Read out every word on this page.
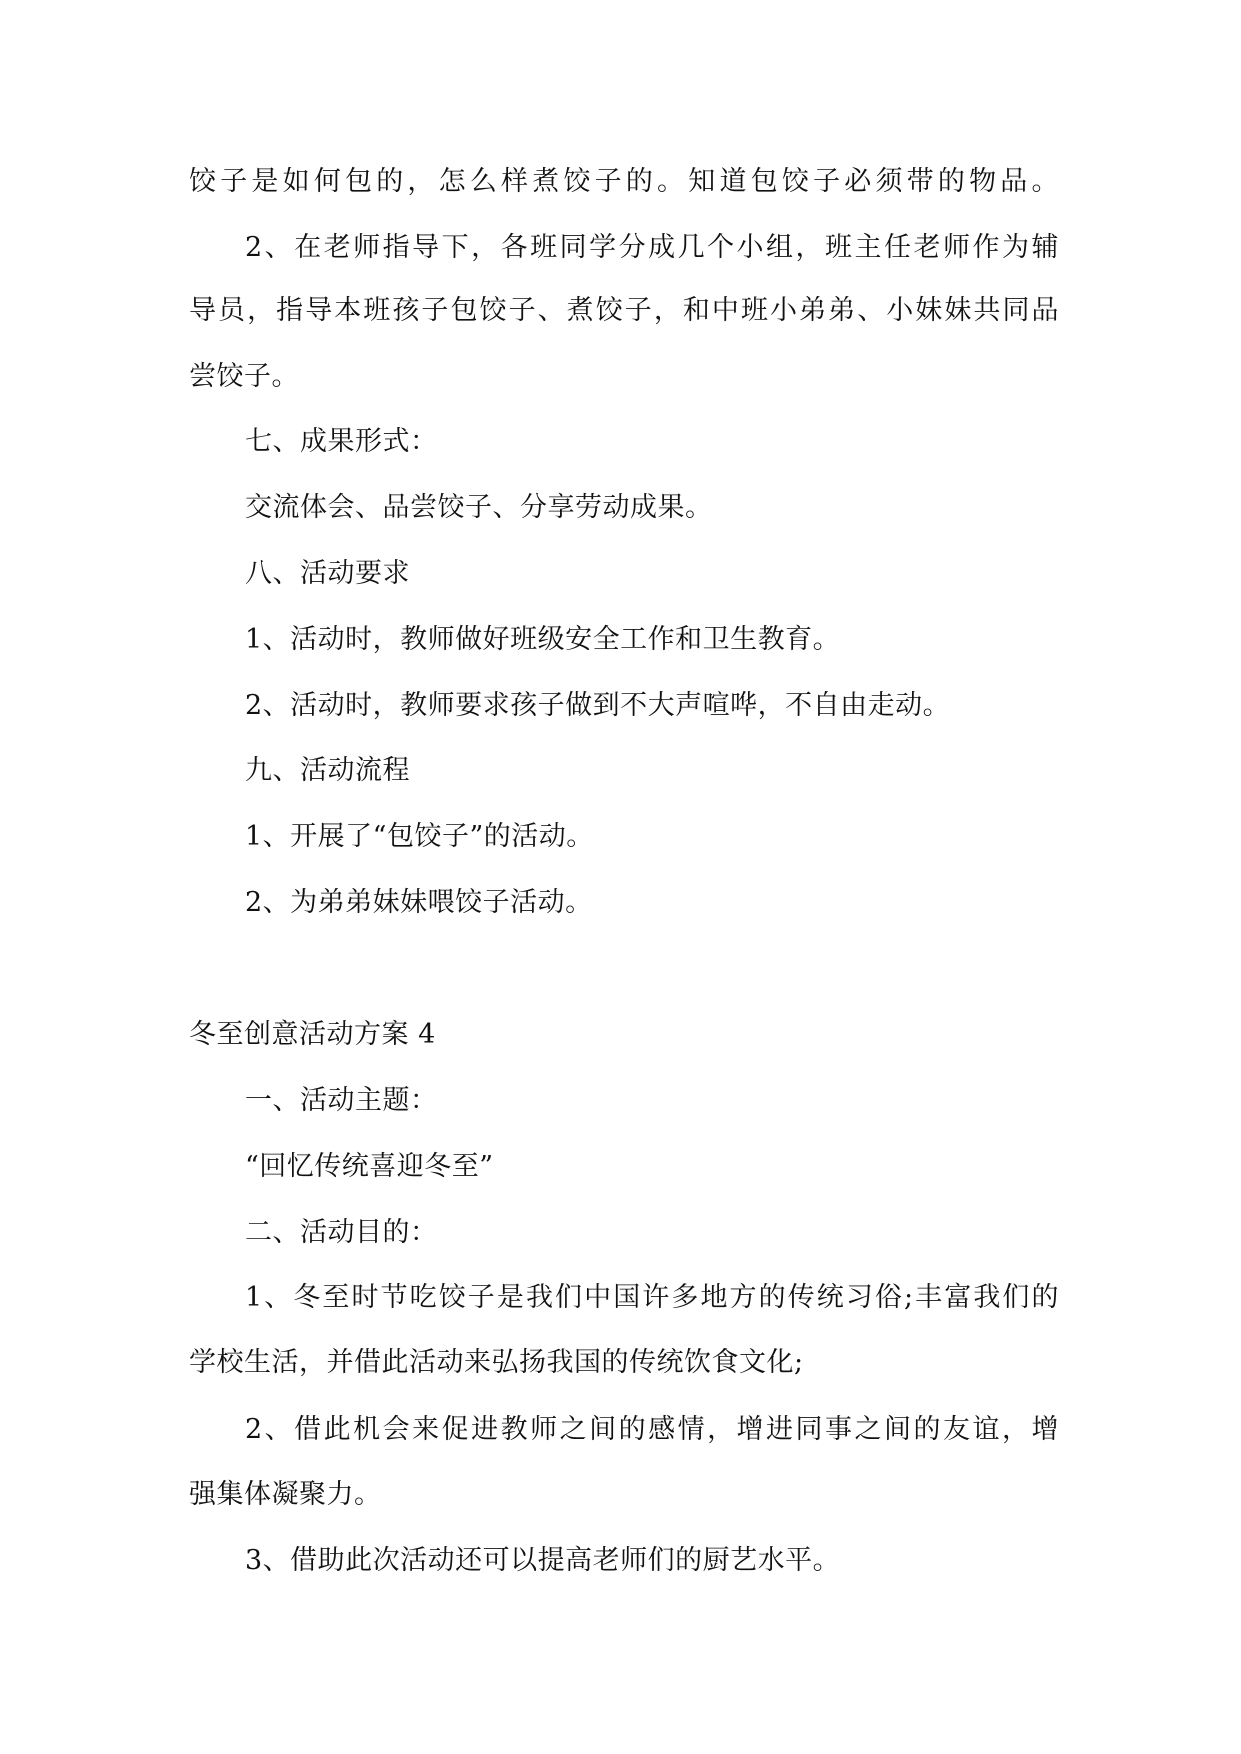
饺子是如何包的，怎么样煮饺子的。知道包饺子必须带的物品。
2、在老师指导下，各班同学分成几个小组，班主任老师作为辅
导员，指导本班孩子包饺子、煮饺子，和中班小弟弟、小妹妹共同品
尝饺子。
七、成果形式：
交流体会、品尝饺子、分享劳动成果。
八、活动要求
1、活动时，教师做好班级安全工作和卫生教育。
2、活动时，教师要求孩子做到不大声喧哗，不自由走动。
九、活动流程
1、开展了“包饺子”的活动。
2、为弟弟妹妹喂饺子活动。
冬至创意活动方案 4
一、活动主题：
“回忆传统喜迎冬至”
二、活动目的：
1、冬至时节吃饺子是我们中国许多地方的传统习俗;丰富我们的
学校生活，并借此活动来弘扬我国的传统饮食文化;
2、借此机会来促进教师之间的感情，增进同事之间的友谊，增
强集体凝聚力。
3、借助此次活动还可以提高老师们的厨艺水平。
